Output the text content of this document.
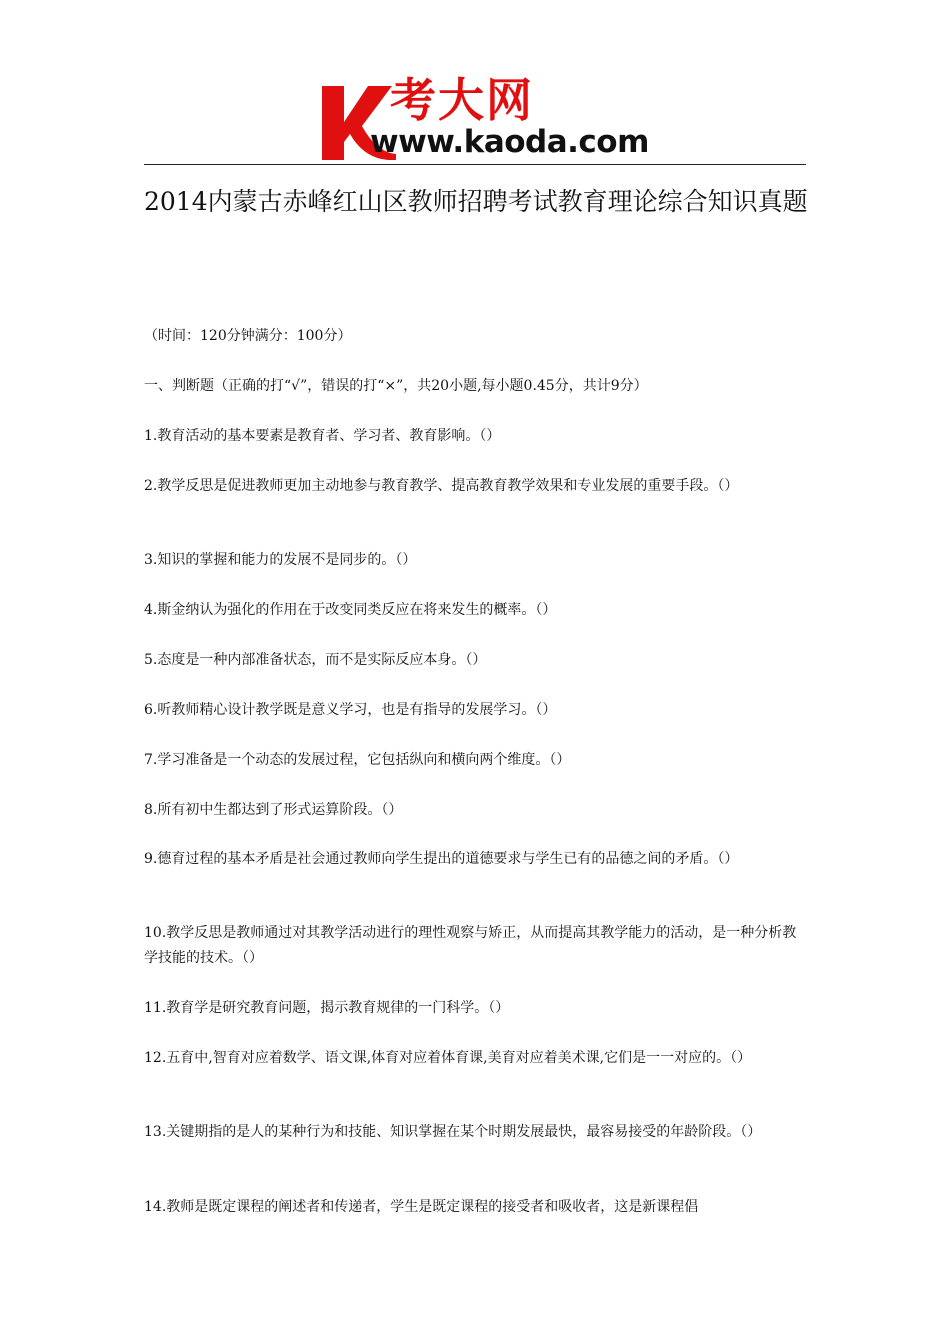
考大网
www.kaoda.com
2014内蒙古赤峰红山区教师招聘考试教育理论综合知识真题
（时间：120分钟满分：100分）
一、判断题（正确的打“√”，错误的打“×”，共20小题,每小题0.45分，共计9分）
1.教育活动的基本要素是教育者、学习者、教育影响。（）
2.教学反思是促进教师更加主动地参与教育教学、提高教育教学效果和专业发展的重要手段。（）
3.知识的掌握和能力的发展不是同步的。（）
4.斯金纳认为强化的作用在于改变同类反应在将来发生的概率。（）
5.态度是一种内部准备状态，而不是实际反应本身。（）
6.听教师精心设计教学既是意义学习，也是有指导的发展学习。（）
7.学习准备是一个动态的发展过程，它包括纵向和横向两个维度。（）
8.所有初中生都达到了形式运算阶段。（）
9.德育过程的基本矛盾是社会通过教师向学生提出的道德要求与学生已有的品德之间的矛盾。（）
10.教学反思是教师通过对其教学活动进行的理性观察与矫正，从而提高其教学能力的活动，是一种分析教学技能的技术。（）
11.教育学是研究教育问题，揭示教育规律的一门科学。（）
12.五育中,智育对应着数学、语文课,体育对应着体育课,美育对应着美术课,它们是一一对应的。（）
13.关键期指的是人的某种行为和技能、知识掌握在某个时期发展最快，最容易接受的年龄阶段。（）
14.教师是既定课程的阐述者和传递者，学生是既定课程的接受者和吸收者，这是新课程倡
